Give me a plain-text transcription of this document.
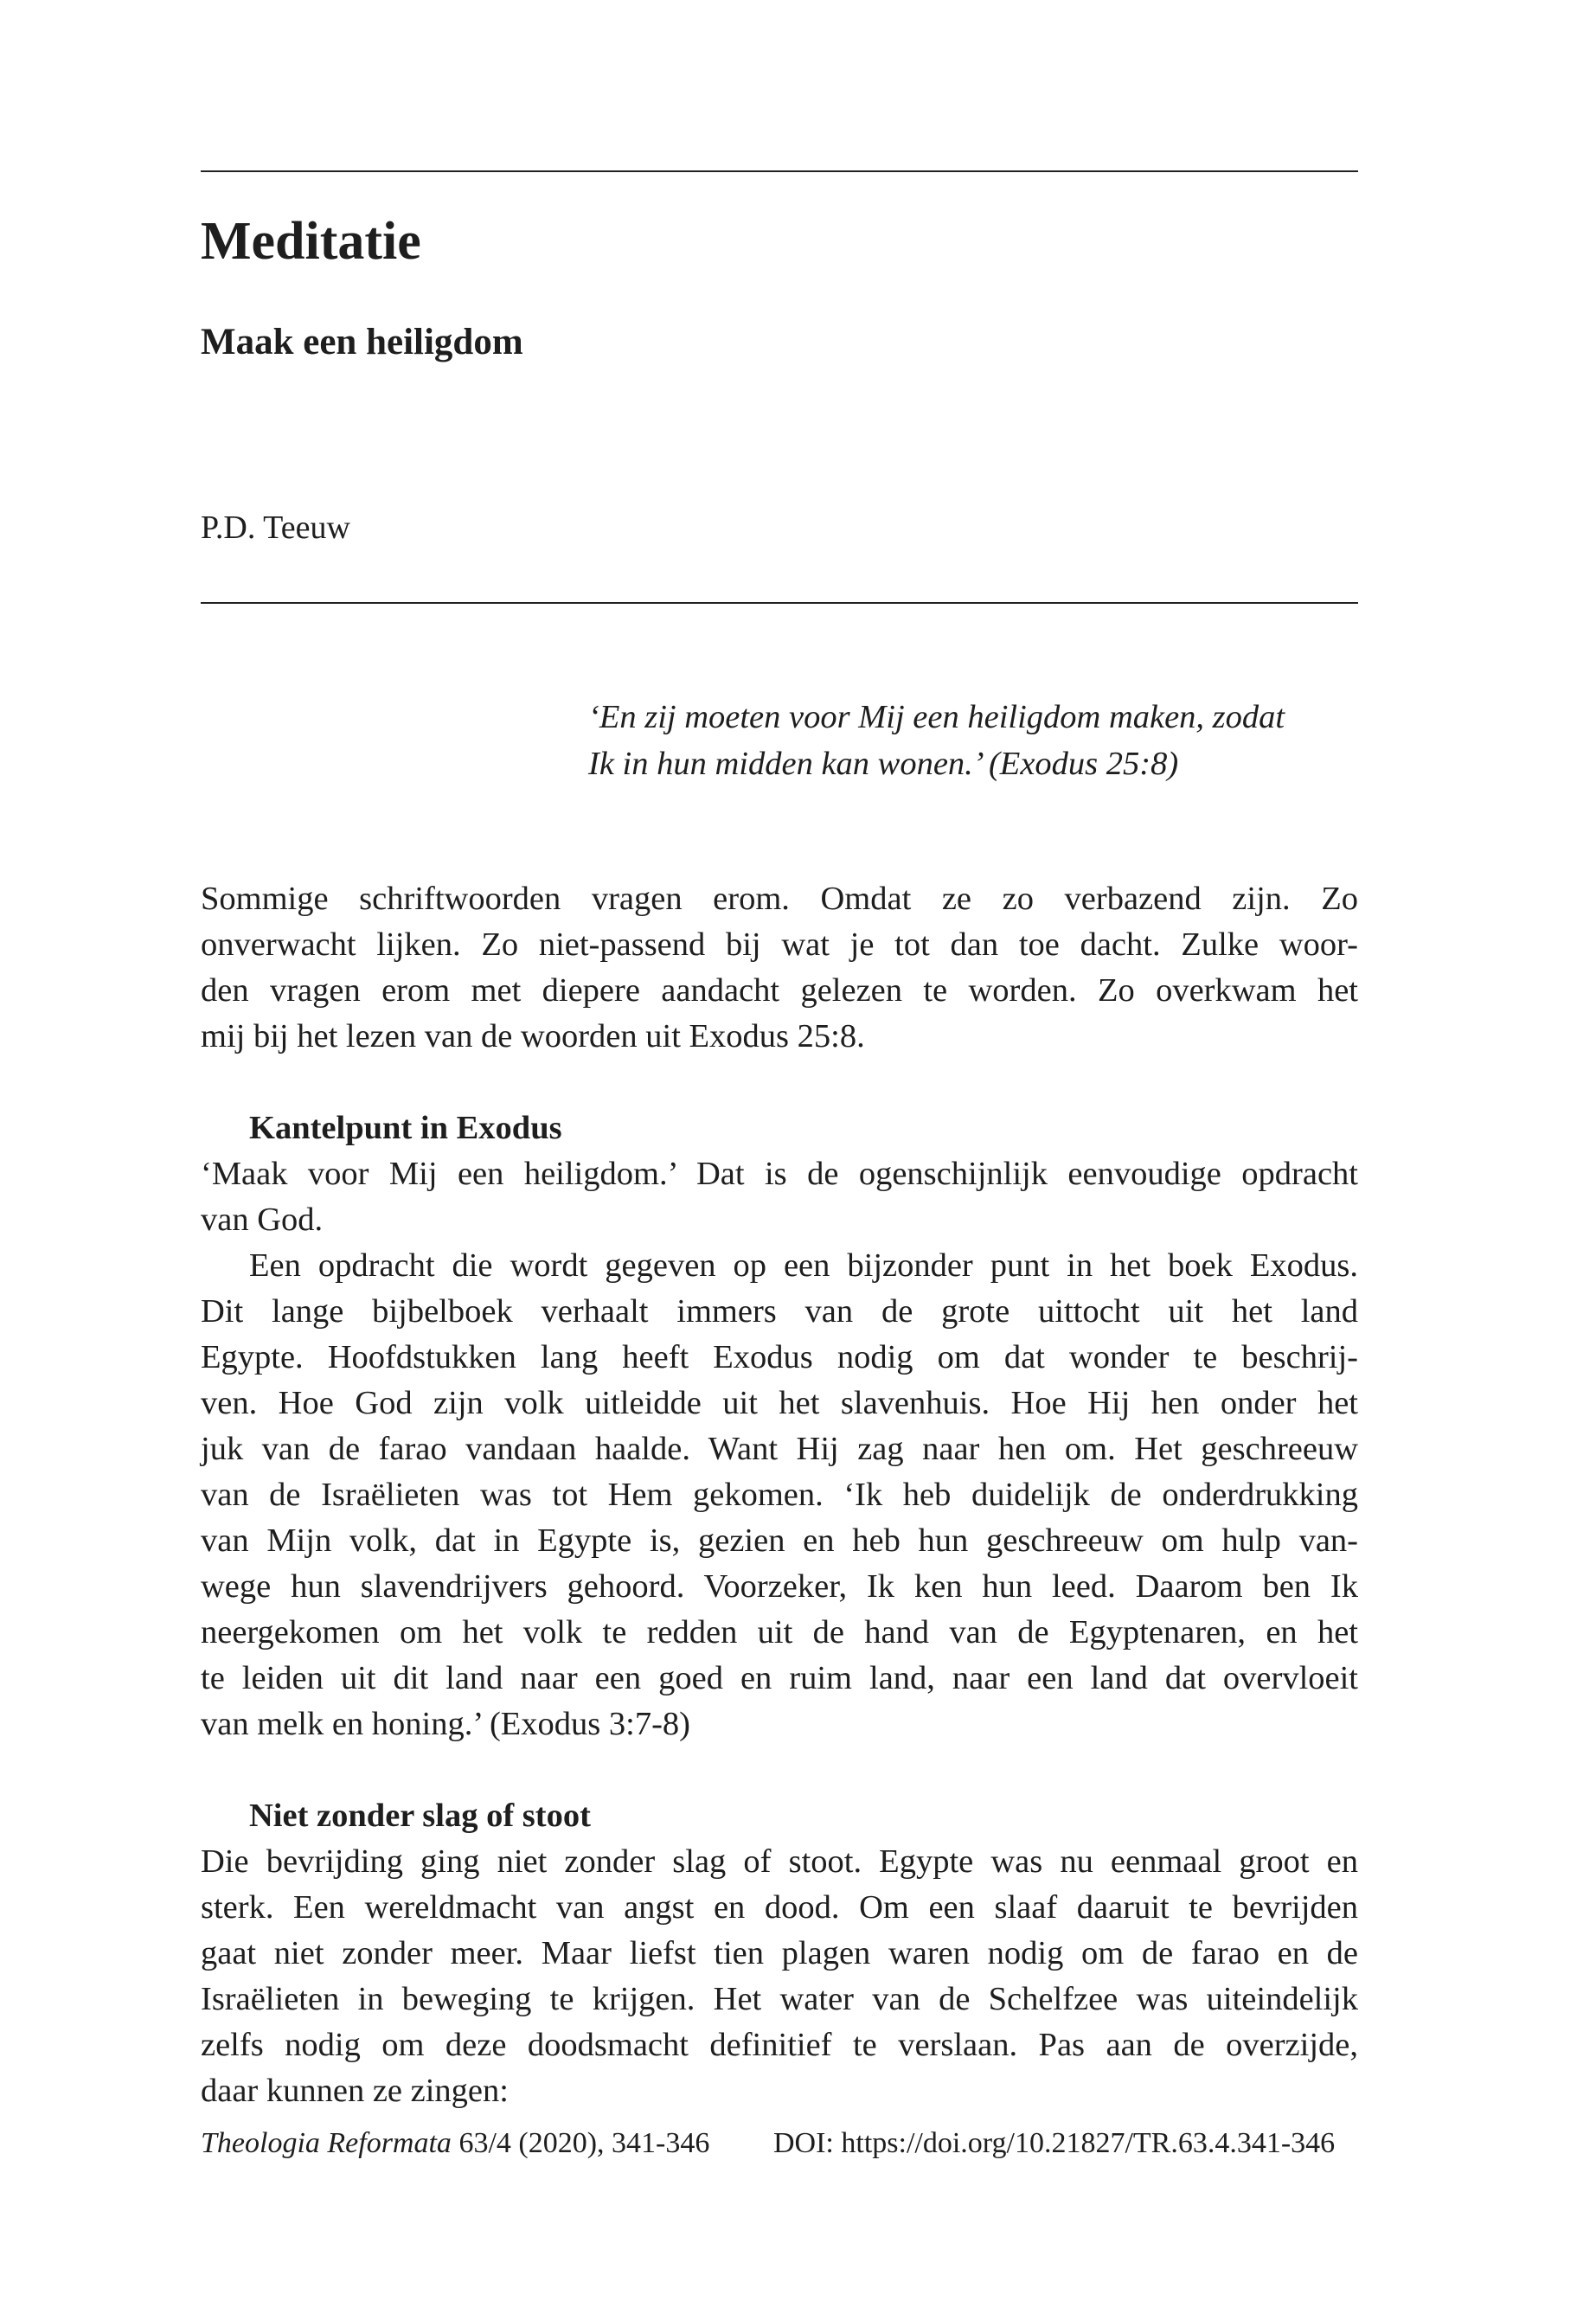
Meditatie
Maak een heiligdom
P.D. Teeuw
‘En zij moeten voor Mij een heiligdom maken, zodat
Ik in hun midden kan wonen.’ (Exodus 25:8)
Sommige schriftwoorden vragen erom. Omdat ze zo verbazend zijn. Zo
onverwacht lijken. Zo niet-passend bij wat je tot dan toe dacht. Zulke woor-
den vragen erom met diepere aandacht gelezen te worden. Zo overkwam het
mij bij het lezen van de woorden uit Exodus 25:8.
Kantelpunt in Exodus
‘Maak voor Mij een heiligdom.’ Dat is de ogenschijnlijk eenvoudige opdracht
van God.
Een opdracht die wordt gegeven op een bijzonder punt in het boek Exodus.
Dit lange bijbelboek verhaalt immers van de grote uittocht uit het land
Egypte. Hoofdstukken lang heeft Exodus nodig om dat wonder te beschrij-
ven. Hoe God zijn volk uitleidde uit het slavenhuis. Hoe Hij hen onder het
juk van de farao vandaan haalde. Want Hij zag naar hen om. Het geschreeuw
van de Israëlieten was tot Hem gekomen. ‘Ik heb duidelijk de onderdrukking
van Mijn volk, dat in Egypte is, gezien en heb hun geschreeuw om hulp van-
wege hun slavendrijvers gehoord. Voorzeker, Ik ken hun leed. Daarom ben Ik
neergekomen om het volk te redden uit de hand van de Egyptenaren, en het
te leiden uit dit land naar een goed en ruim land, naar een land dat overvloeit
van melk en honing.’ (Exodus 3:7-8)
Niet zonder slag of stoot
Die bevrijding ging niet zonder slag of stoot. Egypte was nu eenmaal groot en
sterk. Een wereldmacht van angst en dood. Om een slaaf daaruit te bevrijden
gaat niet zonder meer. Maar liefst tien plagen waren nodig om de farao en de
Israëlieten in beweging te krijgen. Het water van de Schelfzee was uiteindelijk
zelfs nodig om deze doodsmacht definitief te verslaan. Pas aan de overzijde,
daar kunnen ze zingen:
Theologia Reformata 63/4 (2020), 341-346 DOI: https://doi.org/10.21827/TR.63.4.341-346
